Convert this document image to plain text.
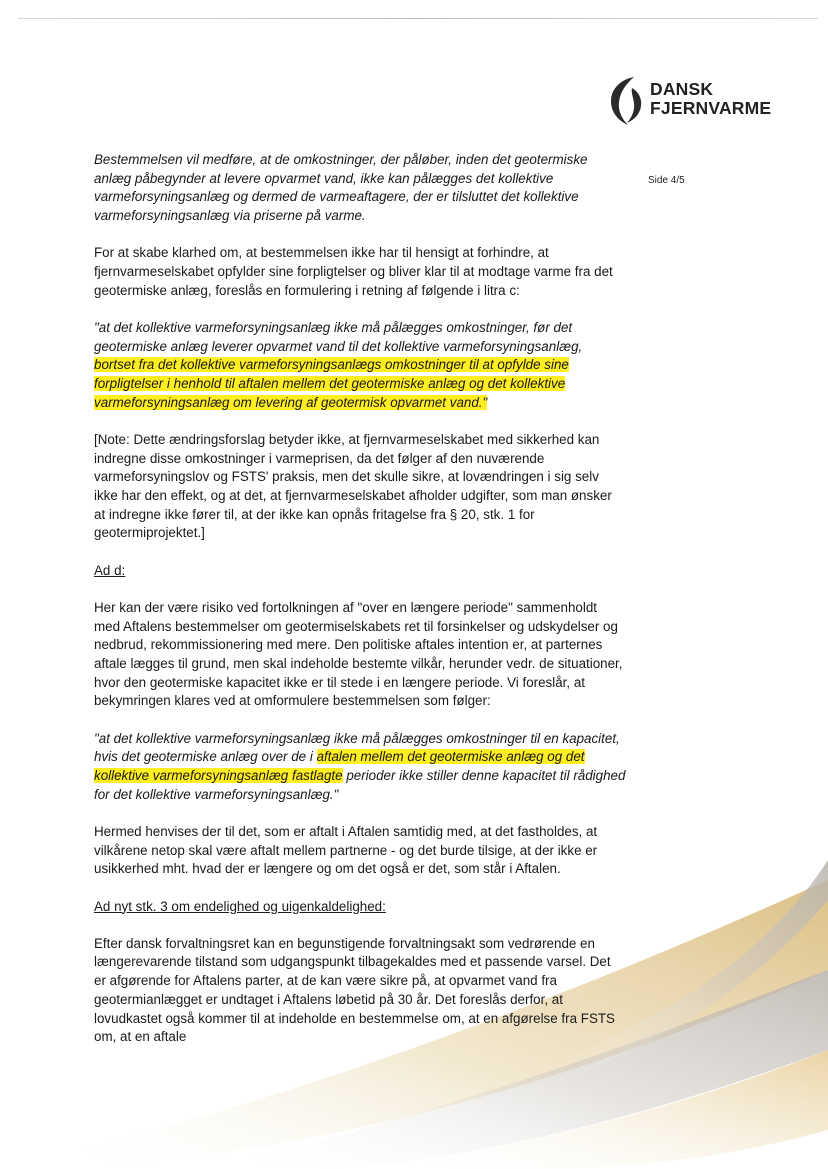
DANSK
FJERNVARME
Side 4/5

Bestemmelsen vil medføre, at de omkostninger, der påløber, inden det geotermiske anlæg påbegynder at levere opvarmet vand, ikke kan pålægges det kollektive varmeforsyningsanlæg og dermed de varmeaftagere, der er tilsluttet det kollektive varmeforsyningsanlæg via priserne på varme.

For at skabe klarhed om, at bestemmelsen ikke har til hensigt at forhindre, at fjernvarmeselskabet opfylder sine forpligtelser og bliver klar til at modtage varme fra det geotermiske anlæg, foreslås en formulering i retning af følgende i litra c:

"at det kollektive varmeforsyningsanlæg ikke må pålægges omkostninger, før det geotermiske anlæg leverer opvarmet vand til det kollektive varmeforsyningsanlæg, bortset fra det kollektive varmeforsyningsanlægs omkostninger til at opfylde sine forpligtelser i henhold til aftalen mellem det geotermiske anlæg og det kollektive varmeforsyningsanlæg om levering af geotermisk opvarmet vand."

[Note: Dette ændringsforslag betyder ikke, at fjernvarmeselskabet med sikkerhed kan indregne disse omkostninger i varmeprisen, da det følger af den nuværende varmeforsyningslov og FSTS' praksis, men det skulle sikre, at lovændringen i sig selv ikke har den effekt, og at det, at fjernvarmeselskabet afholder udgifter, som man ønsker at indregne ikke fører til, at der ikke kan opnås fritagelse fra § 20, stk. 1 for geotermiprojektet.]

Ad d:

Her kan der være risiko ved fortolkningen af "over en længere periode" sammenholdt med Aftalens bestemmelser om geotermiselskabets ret til forsinkelser og udskydelser og nedbrud, rekommissionering med mere. Den politiske aftales intention er, at parternes aftale lægges til grund, men skal indeholde bestemte vilkår, herunder vedr. de situationer, hvor den geotermiske kapacitet ikke er til stede i en længere periode. Vi foreslår, at bekymringen klares ved at omformulere bestemmelsen som følger:

"at det kollektive varmeforsyningsanlæg ikke må pålægges omkostninger til en kapacitet, hvis det geotermiske anlæg over de i aftalen mellem det geotermiske anlæg og det kollektive varmeforsyningsanlæg fastlagte perioder ikke stiller denne kapacitet til rådighed for det kollektive varmeforsyningsanlæg."

Hermed henvises der til det, som er aftalt i Aftalen samtidig med, at det fastholdes, at vilkårene netop skal være aftalt mellem partnerne - og det burde tilsige, at der ikke er usikkerhed mht. hvad der er længere og om det også er det, som står i Aftalen.

Ad nyt stk. 3 om endelighed og uigenkaldelighed:

Efter dansk forvaltningsret kan en begunstigende forvaltningsakt som vedrørende en længerevarende tilstand som udgangspunkt tilbagekaldes med et passende varsel. Det er afgørende for Aftalens parter, at de kan være sikre på, at opvarmet vand fra geotermianlægget er undtaget i Aftalens løbetid på 30 år. Det foreslås derfor, at lovudkastet også kommer til at indeholde en bestemmelse om, at en afgørelse fra FSTS om, at en aftale
